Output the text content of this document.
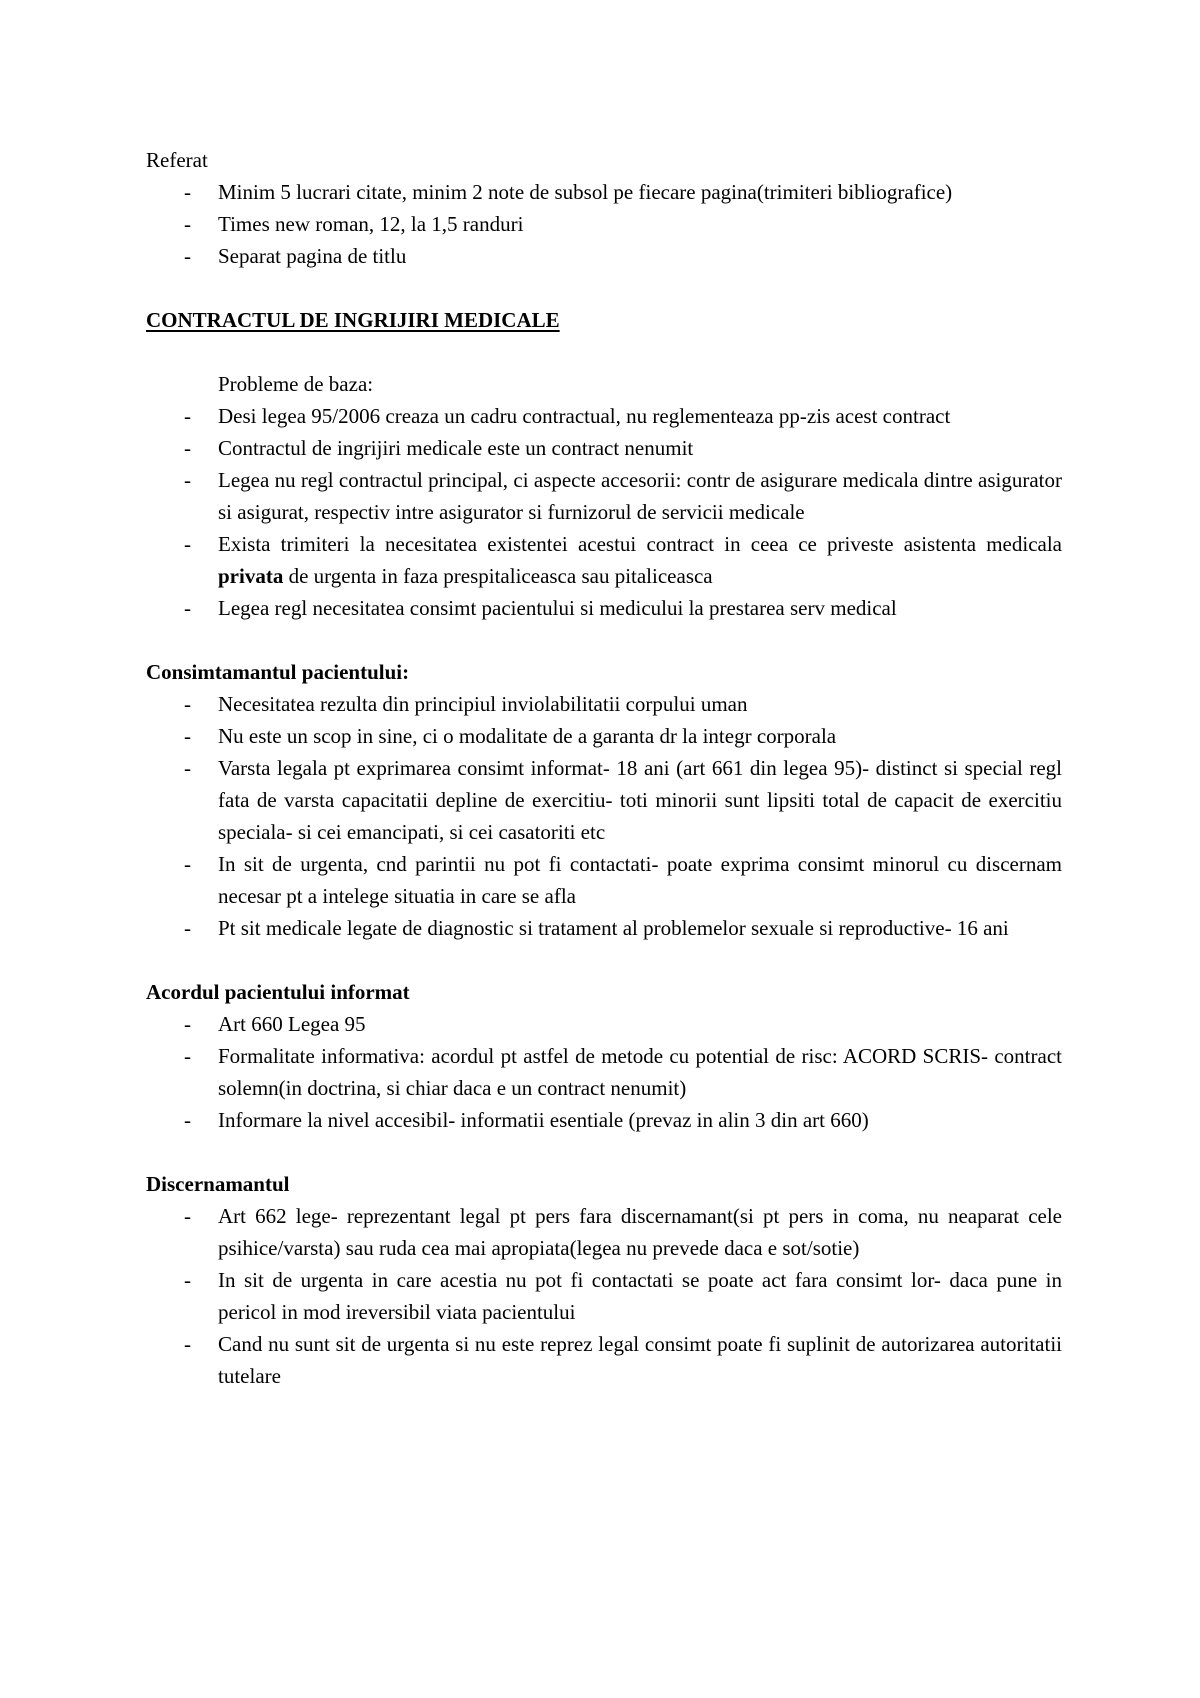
Referat

- Minim 5 lucrari citate, minim 2 note de subsol pe fiecare pagina(trimiteri bibliografice)
- Times new roman, 12, la 1,5 randuri
- Separat pagina de titlu

CONTRACTUL DE INGRIJIRI MEDICALE

Probleme de baza:

- Desi legea 95/2006 creaza un cadru contractual, nu reglementeaza pp-zis acest contract
- Contractul de ingrijiri medicale este un contract nenumit
- Legea nu regl contractul principal, ci aspecte accesorii: contr de asigurare medicala dintre asigurator si asigurat, respectiv intre asigurator si furnizorul de servicii medicale
- Exista trimiteri la necesitatea existentei acestui contract in ceea ce priveste asistenta medicala privata de urgenta in faza prespitaliceasca sau pitaliceasca
- Legea regl necesitatea consimt pacientului si medicului la prestarea serv medical

Consimtamantul pacientului:

- Necesitatea rezulta din principiul inviolabilitatii corpului uman
- Nu este un scop in sine, ci o modalitate de a garanta dr la integr corporala
- Varsta legala pt exprimarea consimt informat- 18 ani (art 661 din legea 95)- distinct si special regl fata de varsta capacitatii depline de exercitiu- toti minorii sunt lipsiti total de capacit de exercitiu speciala- si cei emancipati, si cei casatoriti etc
- In sit de urgenta, cnd parintii nu pot fi contactati- poate exprima consimt minorul cu discernam necesar pt a intelege situatia in care se afla
- Pt sit medicale legate de diagnostic si tratament al problemelor sexuale si reproductive- 16 ani

Acordul pacientului informat

- Art 660 Legea 95
- Formalitate informativa: acordul pt astfel de metode cu potential de risc: ACORD SCRIS- contract solemn(in doctrina, si chiar daca e un contract nenumit)
- Informare la nivel accesibil- informatii esentiale (prevaz in alin 3 din art 660)

Discernamantul

- Art 662 lege- reprezentant legal pt pers fara discernamant(si pt pers in coma, nu neaparat cele psihice/varsta) sau ruda cea mai apropiata(legea nu prevede daca e sot/sotie)
- In sit de urgenta in care acestia nu pot fi contactati se poate act fara consimt lor- daca pune in pericol in mod ireversibil viata pacientului
- Cand nu sunt sit de urgenta si nu este reprez legal consimt poate fi suplinit de autorizarea autoritatii tutelare
